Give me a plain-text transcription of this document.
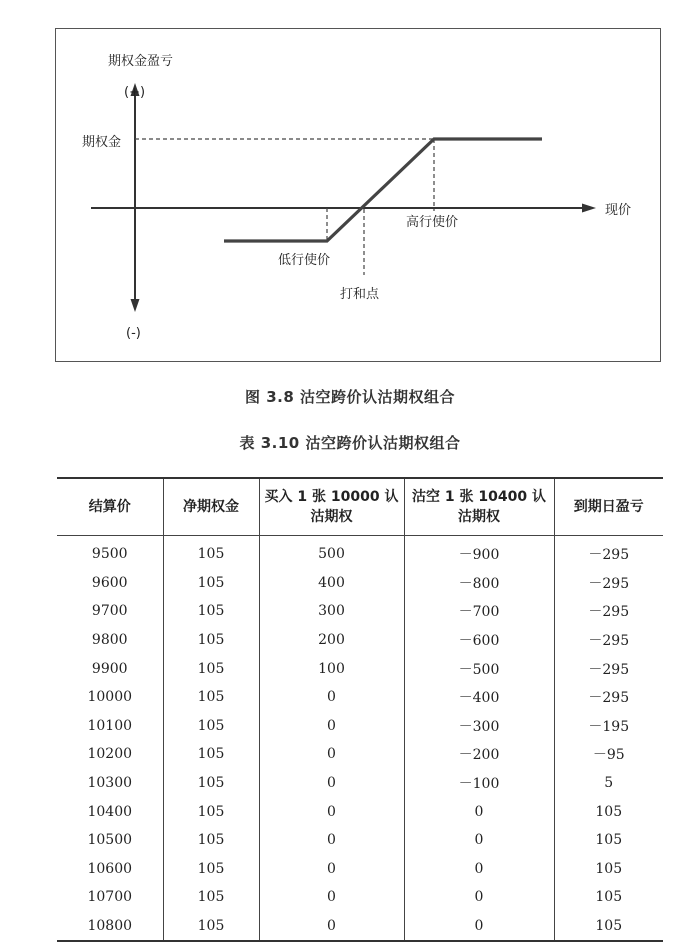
期权金盈亏
(+)
(-)
期权金
现价
高行使价
低行使价
打和点
图 3.8 沽空跨价认沽期权组合
表 3.10 沽空跨价认沽期权组合
结算价	净期权金	买入 1 张 10000 认沽期权	沽空 1 张 10400 认沽期权	到期日盈亏
9500	105	500	－900	－295
9600	105	400	－800	－295
9700	105	300	－700	－295
9800	105	200	－600	－295
9900	105	100	－500	－295
10000	105	0	－400	－295
10100	105	0	－300	－195
10200	105	0	－200	－95
10300	105	0	－100	5
10400	105	0	0	105
10500	105	0	0	105
10600	105	0	0	105
10700	105	0	0	105
10800	105	0	0	105
